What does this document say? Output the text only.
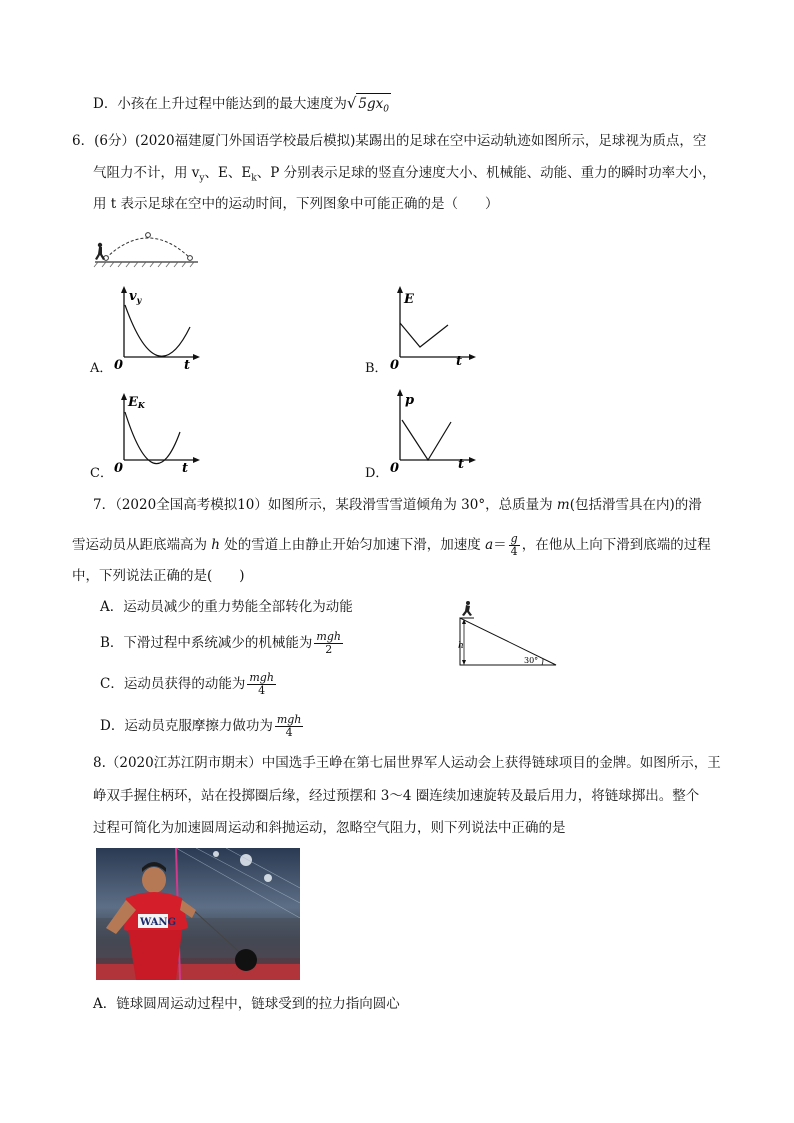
D．小孩在上升过程中能达到的最大速度为√ $5gx_0$
6．(6分）(2020福建厦门外国语学校最后模拟)某踢出的足球在空中运动轨迹如图所示，足球视为质点，空
气阻力不计，用 $v_y$、E、$E_k$、P 分别表示足球的竖直分速度大小、机械能、动能、重力的瞬时功率大小，
用 t 表示足球在空中的运动时间，下列图象中可能正确的是（　　）
$v_y$
0	t
A．
E
0	t
B．
EK
0	t
C．
p
0	t
D．
7．（2020全国高考模拟10）如图所示，某段滑雪雪道倾角为 30°，总质量为 m(包括滑雪具在内)的滑
雪运动员从距底端高为 h 处的雪道上由静止开始匀加速下滑，加速度 $a= \frac{g}{4}$ ，在他从上向下滑到底端的过程
中，下列说法正确的是(　　)
A．运动员减少的重力势能全部转化为动能
B．下滑过程中系统减少的机械能为 $\frac{\text{mgh}}{2}$
C．运动员获得的动能为 $\frac{\text{mgh}}{4}$
D．运动员克服摩擦力做功为 $\frac{\text{mgh}}{4}$
h
30°
8.（2020江苏江阴市期末）中国选手王峥在第七届世界军人运动会上获得链球项目的金牌。如图所示，王
峥双手握住柄环，站在投掷圈后缘，经过预摆和 3～4 圈连续加速旋转及最后用力，将链球掷出。整个
过程可简化为加速圆周运动和斜抛运动，忽略空气阻力，则下列说法中正确的是
WANG
A．链球圆周运动过程中，链球受到的拉力指向圆心
